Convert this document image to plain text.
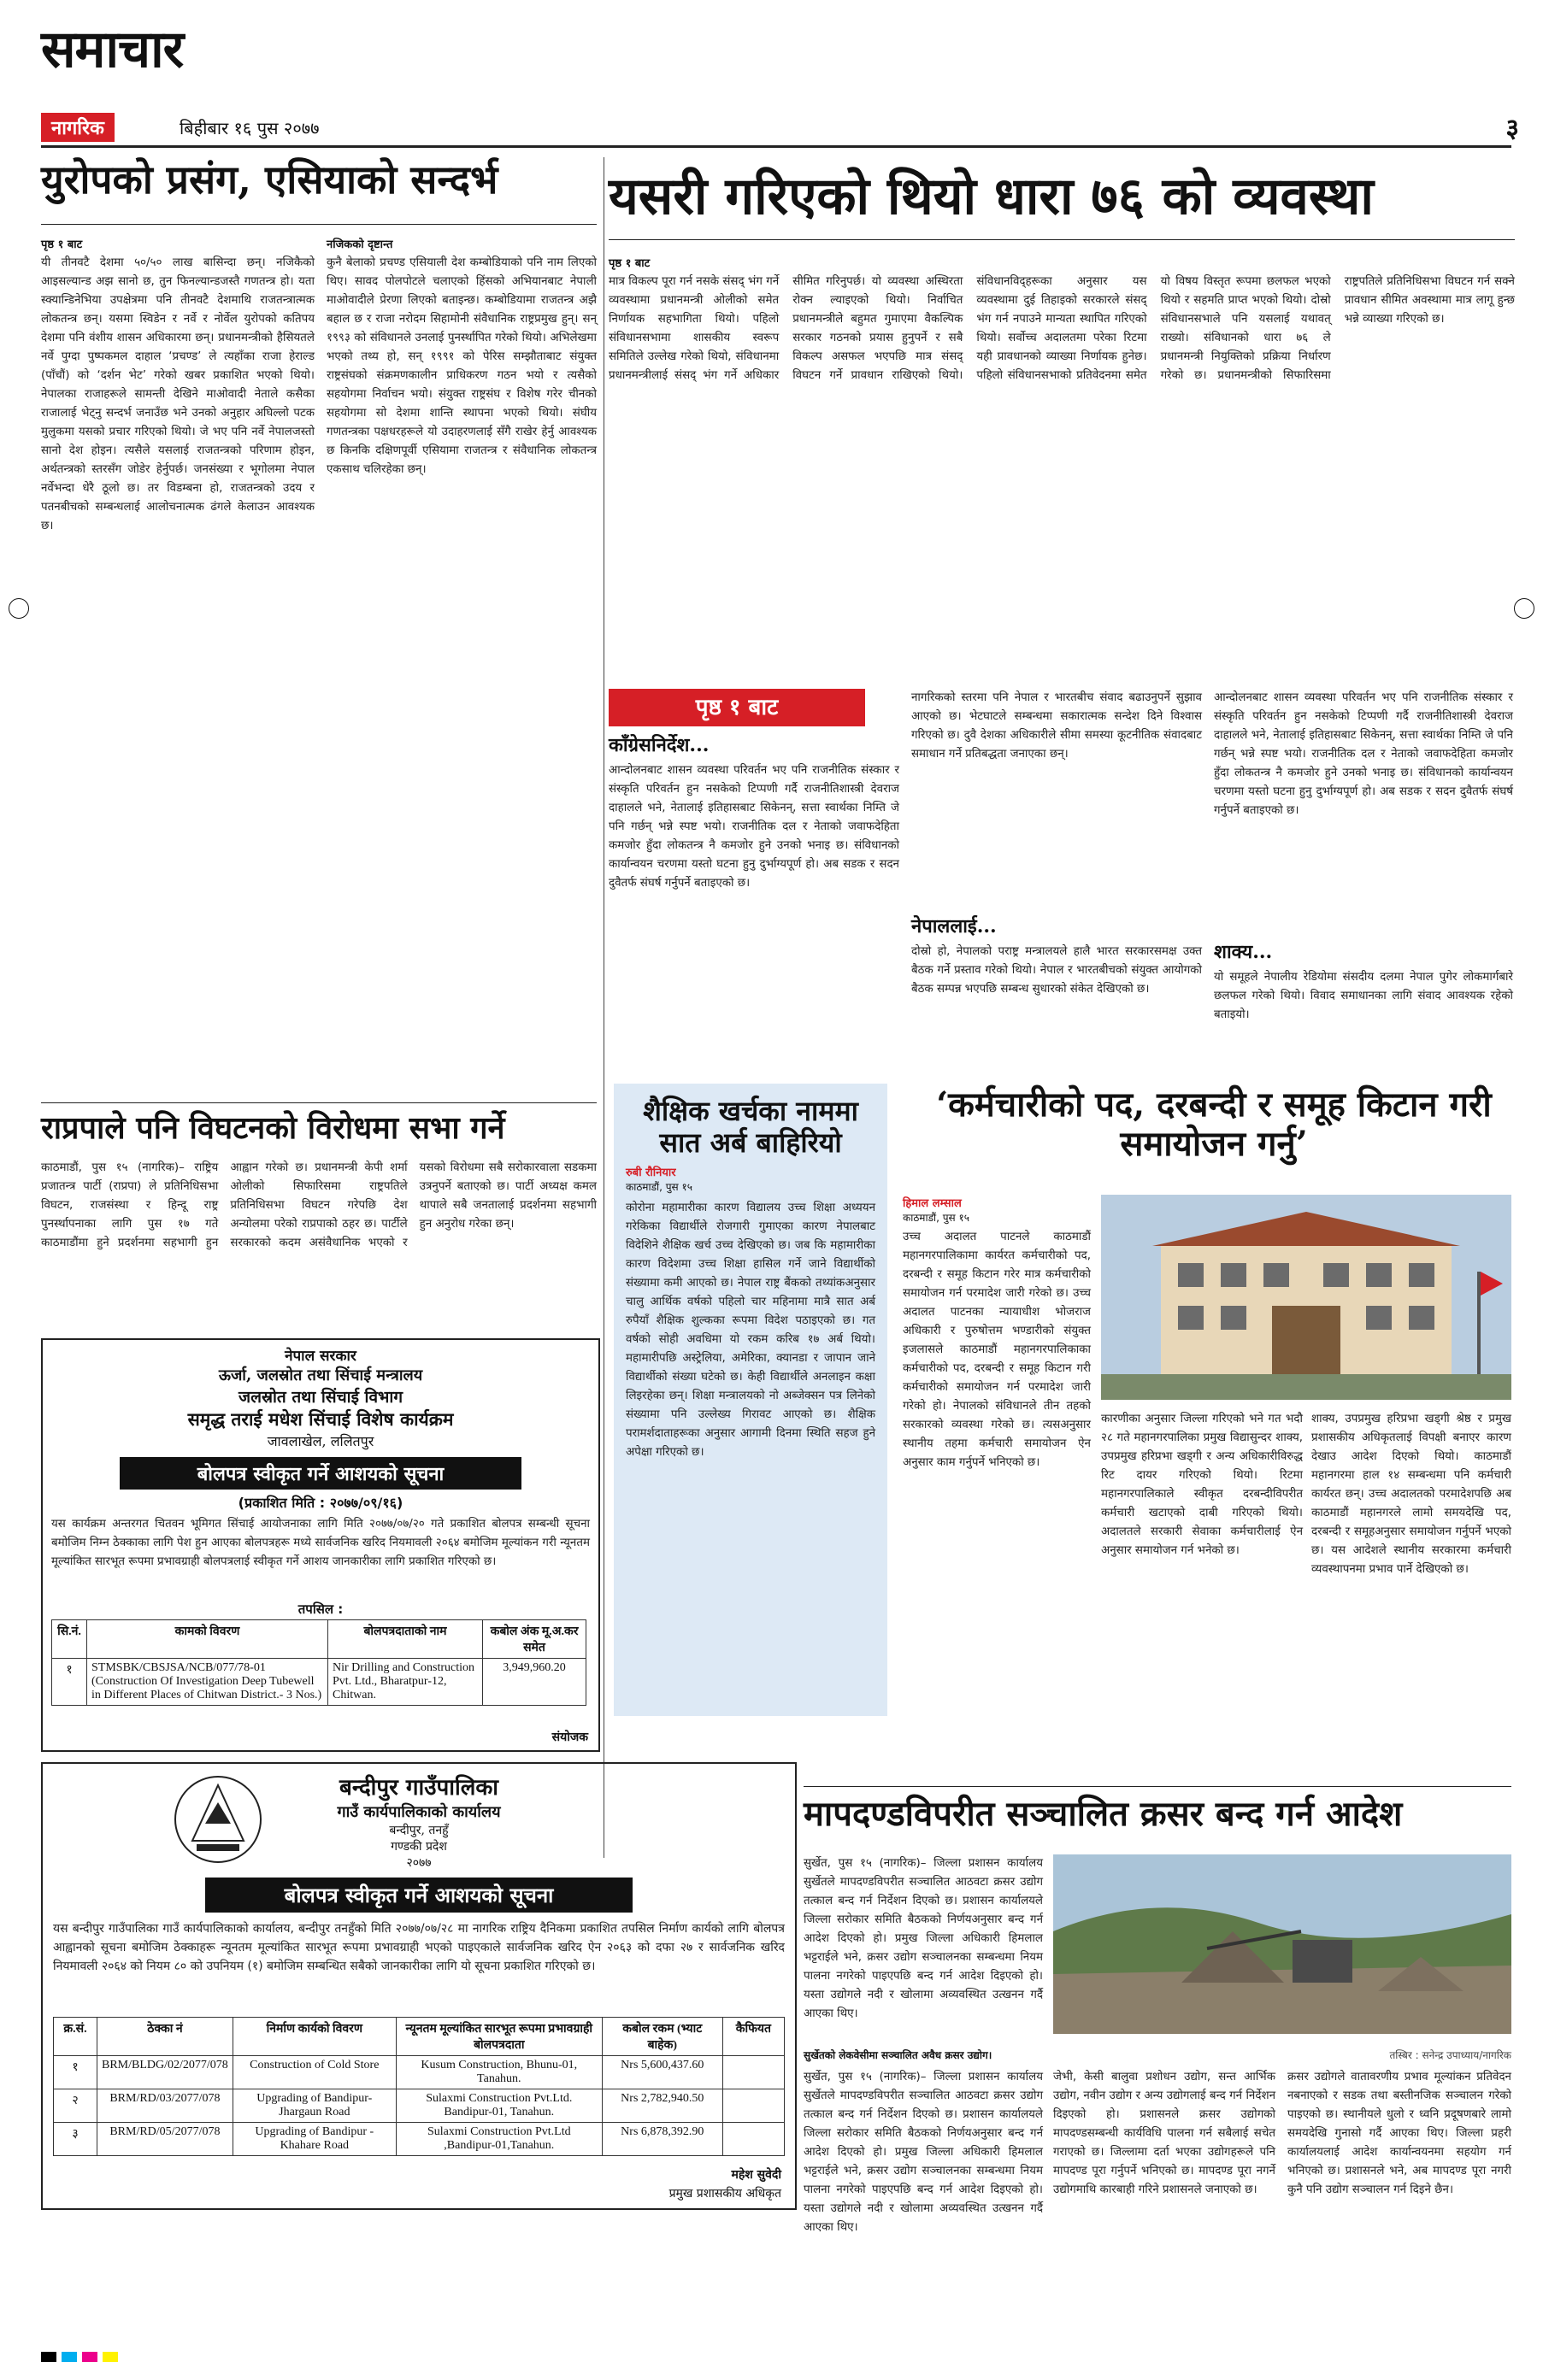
समाचार
नागरिक	बिहीबार १६ पुस २०७७	३
युरोपको प्रसंग, एसियाको सन्दर्भ
पृष्ठ १ बाट
यी तीनवटै देशमा ५०/५० लाख बासिन्दा छन्। नजिकैको आइसल्यान्ड अझ सानो छ, तुन फिनल्यान्डजस्तै गणतन्त्र हो। यता स्क्यान्डिनेभिया उपक्षेत्रमा पनि तीनवटै देशमाथि राजतन्त्रात्मक लोकतन्त्र छन्। यसमा स्विडेन र नर्वे र नोर्वेल युरोपको कतिपय देशमा पनि वंशीय शासन अधिकारमा छन्। प्रधानमन्त्रीको हैसियतले नर्वे पुग्दा पुष्पकमल दाहाल ‘प्रचण्ड’ ले त्यहाँका राजा हेराल्ड (पाँचौं) को ‘दर्शन भेट’ गरेको खबर प्रकाशित भएको थियो। नेपालका राजाहरूले सामन्ती देखिने माओवादी नेताले कसैका राजालाई भेट्नु सन्दर्भ जनाउँछ भने उनको अनुहार अघिल्लो पटक मुलुकमा यसको प्रचार गरिएको थियो। जे भए पनि नर्वे नेपालजस्तो सानो देश होइन। त्यसैले यसलाई राजतन्त्रको परिणाम होइन, अर्थतन्त्रको स्तरसँग जोडेर हेर्नुपर्छ। जनसंख्या र भूगोलमा नेपाल नर्वेभन्दा धेरै ठूलो छ। तर विडम्बना हो, राजतन्त्रको उदय र पतनबीचको सम्बन्धलाई आलोचनात्मक ढंगले केलाउन आवश्यक छ।
नजिकको दृष्टान्त
कुनै बेलाको प्रचण्ड एसियाली देश कम्बोडियाको पनि नाम लिएको थिए। सावद पोलपोटले चलाएको हिंसको अभियानबाट नेपाली माओवादीले प्रेरणा लिएको बताइन्छ। कम्बोडियामा राजतन्त्र अझै बहाल छ र राजा नरोदम सिहामोनी संवैधानिक राष्ट्रप्रमुख हुन्। सन् १९९३ को संविधानले उनलाई पुनर्स्थापित गरेको थियो। अभिलेखमा भएको तथ्य हो, सन् १९९१ को पेरिस सम्झौताबाट संयुक्त राष्ट्रसंघको संक्रमणकालीन प्राधिकरण गठन भयो र त्यसैको सहयोगमा निर्वाचन भयो। संयुक्त राष्ट्रसंघ र विशेष गरेर चीनको सहयोगमा सो देशमा शान्ति स्थापना भएको थियो। संघीय गणतन्त्रका पक्षधरहरूले यो उदाहरणलाई सँगै राखेर हेर्नु आवश्यक छ किनकि दक्षिणपूर्वी एसियामा राजतन्त्र र संवैधानिक लोकतन्त्र एकसाथ चलिरहेका छन्।
यसरी गरिएको थियो धारा ७६ को व्यवस्था
पृष्ठ १ बाट
मात्र विकल्प पूरा गर्न नसके संसद् भंग गर्ने व्यवस्थामा प्रधानमन्त्री ओलीको समेत निर्णायक सहभागिता थियो। पहिलो संविधानसभामा शासकीय स्वरूप समितिले उल्लेख गरेको थियो, संविधानमा प्रधानमन्त्रीलाई संसद् भंग गर्ने अधिकार सीमित गरिनुपर्छ। यो व्यवस्था अस्थिरता रोक्न ल्याइएको थियो। निर्वाचित प्रधानमन्त्रीले बहुमत गुमाएमा वैकल्पिक सरकार गठनको प्रयास हुनुपर्ने र सबै विकल्प असफल भएपछि मात्र संसद् विघटन गर्ने प्रावधान राखिएको थियो। संविधानविद्हरूका अनुसार यस व्यवस्थामा दुई तिहाइको सरकारले संसद् भंग गर्न नपाउने मान्यता स्थापित गरिएको थियो। सर्वोच्च अदालतमा परेका रिटमा यही प्रावधानको व्याख्या निर्णायक हुनेछ। पहिलो संविधानसभाको प्रतिवेदनमा समेत यो विषय विस्तृत रूपमा छलफल भएको थियो र सहमति प्राप्त भएको थियो। दोस्रो संविधानसभाले पनि यसलाई यथावत् राख्यो। संविधानको धारा ७६ ले प्रधानमन्त्री नियुक्तिको प्रक्रिया निर्धारण गरेको छ। प्रधानमन्त्रीको सिफारिसमा राष्ट्रपतिले प्रतिनिधिसभा विघटन गर्न सक्ने प्रावधान सीमित अवस्थामा मात्र लागू हुन्छ भन्ने व्याख्या गरिएको छ।
पृष्ठ १ बाट
काँग्रेसनिर्देश...
आन्दोलनबाट शासन व्यवस्था परिवर्तन भए पनि राजनीतिक संस्कार र संस्कृति परिवर्तन हुन नसकेको टिप्पणी गर्दै राजनीतिशास्त्री देवराज दाहालले भने, नेतालाई इतिहासबाट सिकेनन्, सत्ता स्वार्थका निम्ति जे पनि गर्छन् भन्ने स्पष्ट भयो। राजनीतिक दल र नेताको जवाफदेहिता कमजोर हुँदा लोकतन्त्र नै कमजोर हुने उनको भनाइ छ। संविधानको कार्यान्वयन चरणमा यस्तो घटना हुनु दुर्भाग्यपूर्ण हो। अब सडक र सदन दुवैतर्फ संघर्ष गर्नुपर्ने बताइएको छ।
नागरिकको स्तरमा पनि नेपाल र भारतबीच संवाद बढाउनुपर्ने सुझाव आएको छ। भेटघाटले सम्बन्धमा सकारात्मक सन्देश दिने विश्वास गरिएको छ। दुवै देशका अधिकारीले सीमा समस्या कूटनीतिक संवादबाट समाधान गर्ने प्रतिबद्धता जनाएका छन्।
नेपाललाई...
दोस्रो हो, नेपालको पराष्ट्र मन्त्रालयले हालै भारत सरकारसमक्ष उक्त बैठक गर्ने प्रस्ताव गरेको थियो। नेपाल र भारतबीचको संयुक्त आयोगको बैठक सम्पन्न भएपछि सम्बन्ध सुधारको संकेत देखिएको छ।
आन्दोलनबाट शासन व्यवस्था परिवर्तन भए पनि राजनीतिक संस्कार र संस्कृति परिवर्तन हुन नसकेको टिप्पणी गर्दै राजनीतिशास्त्री देवराज दाहालले भने, नेतालाई इतिहासबाट सिकेनन्, सत्ता स्वार्थका निम्ति जे पनि गर्छन् भन्ने स्पष्ट भयो। राजनीतिक दल र नेताको जवाफदेहिता कमजोर हुँदा लोकतन्त्र नै कमजोर हुने उनको भनाइ छ। संविधानको कार्यान्वयन चरणमा यस्तो घटना हुनु दुर्भाग्यपूर्ण हो। अब सडक र सदन दुवैतर्फ संघर्ष गर्नुपर्ने बताइएको छ।
शाक्य...
यो समूहले नेपालीय रेडियोमा संसदीय दलमा नेपाल पुगेर लोकमार्गबारे छलफल गरेको थियो। विवाद समाधानका लागि संवाद आवश्यक रहेको बताइयो।
राप्रपाले पनि विघटनको विरोधमा सभा गर्ने
काठमाडौं, पुस १५ (नागरिक)– राष्ट्रिय प्रजातन्त्र पार्टी (राप्रपा) ले प्रतिनिधिसभा विघटन, राजसंस्था र हिन्दू राष्ट्र पुनर्स्थापनाका लागि पुस १७ गते काठमाडौंमा हुने प्रदर्शनमा सहभागी हुन आह्वान गरेको छ। प्रधानमन्त्री केपी शर्मा ओलीको सिफारिसमा राष्ट्रपतिले प्रतिनिधिसभा विघटन गरेपछि देश अन्योलमा परेको राप्रपाको ठहर छ। पार्टीले सरकारको कदम असंवैधानिक भएको र यसको विरोधमा सबै सरोकारवाला सडकमा उत्रनुपर्ने बताएको छ। पार्टी अध्यक्ष कमल थापाले सबै जनतालाई प्रदर्शनमा सहभागी हुन अनुरोध गरेका छन्।
नेपाल सरकार
ऊर्जा, जलस्रोत तथा सिंचाई मन्त्रालय
जलस्रोत तथा सिंचाई विभाग
समृद्ध तराई मधेश सिंचाई विशेष कार्यक्रम
जावलाखेल, ललितपुर
बोलपत्र स्वीकृत गर्ने आशयको सूचना
(प्रकाशित मिति : २०७७/०९/१६)
यस कार्यक्रम अन्तरगत चितवन भूमिगत सिंचाई आयोजनाका लागि मिति २०७७/०७/२० गते प्रकाशित बोलपत्र सम्बन्धी सूचना बमोजिम निम्न ठेक्काका लागि पेश हुन आएका बोलपत्रहरू मध्ये सार्वजनिक खरिद नियमावली २०६४ बमोजिम मूल्यांकन गरी न्यूनतम मूल्यांकित सारभूत रूपमा प्रभावग्राही बोलपत्रलाई स्वीकृत गर्ने आशय जानकारीका लागि प्रकाशित गरिएको छ।
तपसिल :
सि.नं.	कामको विवरण	बोलपत्रदाताको नाम	कबोल अंक मू.अ.कर समेत
१	STMSBK/CBSJSA/NCB/077/78-01 (Construction Of Investigation Deep Tubewell in Different Places of Chitwan District.- 3 Nos.)	Nir Drilling and Construction Pvt. Ltd., Bharatpur-12, Chitwan.	3,949,960.20
संयोजक
शैक्षिक खर्चका नाममा सात अर्ब बाहिरियो
रुबी रौनियार
काठमाडौं, पुस १५
कोरोना महामारीका कारण विद्यालय उच्च शिक्षा अध्ययन गरेकिका विद्यार्थीले रोजगारी गुमाएका कारण नेपालबाट विदेशिने शैक्षिक खर्च उच्च देखिएको छ। जब कि महामारीका कारण विदेशमा उच्च शिक्षा हासिल गर्ने जाने विद्यार्थीको संख्यामा कमी आएको छ। नेपाल राष्ट्र बैंकको तथ्यांकअनुसार चालु आर्थिक वर्षको पहिलो चार महिनामा मात्रै सात अर्ब रुपैयाँ शैक्षिक शुल्कका रूपमा विदेश पठाइएको छ। गत वर्षको सोही अवधिमा यो रकम करिब १७ अर्ब थियो। महामारीपछि अस्ट्रेलिया, अमेरिका, क्यानडा र जापान जाने विद्यार्थीको संख्या घटेको छ। केही विद्यार्थीले अनलाइन कक्षा लिइरहेका छन्। शिक्षा मन्त्रालयको नो अब्जेक्सन पत्र लिनेको संख्यामा पनि उल्लेख्य गिरावट आएको छ। शैक्षिक परामर्शदाताहरूका अनुसार आगामी दिनमा स्थिति सहज हुने अपेक्षा गरिएको छ।
‘कर्मचारीको पद, दरबन्दी र समूह किटान गरी समायोजन गर्नु’
हिमाल लम्साल
काठमाडौं, पुस १५
उच्च अदालत पाटनले काठमाडौं महानगरपालिकामा कार्यरत कर्मचारीको पद, दरबन्दी र समूह किटान गरेर मात्र कर्मचारीको समायोजन गर्न परमादेश जारी गरेको छ। उच्च अदालत पाटनका न्यायाधीश भोजराज अधिकारी र पुरुषोत्तम भण्डारीको संयुक्त इजलासले काठमाडौं महानगरपालिकाका कर्मचारीको पद, दरबन्दी र समूह किटान गरी कर्मचारीको समायोजन गर्न परमादेश जारी गरेको हो। नेपालको संविधानले तीन तहको सरकारको व्यवस्था गरेको छ। त्यसअनुसार स्थानीय तहमा कर्मचारी समायोजन ऐन अनुसार काम गर्नुपर्ने भनिएको छ।
कारणीका अनुसार जिल्ला गरिएको भने गत भदौ २८ गते महानगरपालिका प्रमुख विद्यासुन्दर शाक्य, उपप्रमुख हरिप्रभा खड्गी र अन्य अधिकारीविरुद्ध रिट दायर गरिएको थियो। रिटमा महानगरपालिकाले स्वीकृत दरबन्दीविपरीत कर्मचारी खटाएको दाबी गरिएको थियो। अदालतले सरकारी सेवाका कर्मचारीलाई ऐन अनुसार समायोजन गर्न भनेको छ।
शाक्य, उपप्रमुख हरिप्रभा खड्गी श्रेष्ठ र प्रमुख प्रशासकीय अधिकृतलाई विपक्षी बनाएर कारण देखाउ आदेश दिएको थियो। काठमाडौं महानगरमा हाल १४ सम्बन्धमा पनि कर्मचारी कार्यरत छन्। उच्च अदालतको परमादेशपछि अब काठमाडौं महानगरले लामो समयदेखि पद, दरबन्दी र समूहअनुसार समायोजन गर्नुपर्ने भएको छ। यस आदेशले स्थानीय सरकारमा कर्मचारी व्यवस्थापनमा प्रभाव पार्ने देखिएको छ।
बन्दीपुर गाउँपालिका
गाउँ कार्यपालिकाको कार्यालय
बन्दीपुर, तनहुँ
गण्डकी प्रदेश
२०७७
बोलपत्र स्वीकृत गर्ने आशयको सूचना
यस बन्दीपुर गाउँपालिका गाउँ कार्यपालिकाको कार्यालय, बन्दीपुर तनहुँको मिति २०७७/०७/२८ मा नागरिक राष्ट्रिय दैनिकमा प्रकाशित तपसिल निर्माण कार्यको लागि बोलपत्र आह्वानको सूचना बमोजिम ठेक्काहरू न्यूनतम मूल्यांकित सारभूत रूपमा प्रभावग्राही भएको पाइएकाले सार्वजनिक खरिद ऐन २०६३ को दफा २७ र सार्वजनिक खरिद नियमावली २०६४ को नियम ८० को उपनियम (१) बमोजिम सम्बन्धित सबैको जानकारीका लागि यो सूचना प्रकाशित गरिएको छ।
क्र.सं.	ठेक्का नं	निर्माण कार्यको विवरण	न्यूनतम मूल्यांकित सारभूत रूपमा प्रभावग्राही बोलपत्रदाता	कबोल रकम (भ्याट बाहेक)	कैफियत
१	BRM/BLDG/02/2077/078	Construction of Cold Store	Kusum Construction, Bhunu-01, Tanahun.	Nrs 5,600,437.60	
२	BRM/RD/03/2077/078	Upgrading of Bandipur-Jhargaun Road	Sulaxmi Construction Pvt.Ltd. Bandipur-01, Tanahun.	Nrs 2,782,940.50	
३	BRM/RD/05/2077/078	Upgrading of Bandipur -Khahare Road	Sulaxmi Construction Pvt.Ltd ,Bandipur-01,Tanahun.	Nrs 6,878,392.90	
महेश सुवेदी
प्रमुख प्रशासकीय अधिकृत
मापदण्डविपरीत सञ्चालित क्रसर बन्द गर्न आदेश
सुर्खेत, पुस १५ (नागरिक)– जिल्ला प्रशासन कार्यालय सुर्खेतले मापदण्डविपरीत सञ्चालित आठवटा क्रसर उद्योग तत्काल बन्द गर्न निर्देशन दिएको छ। प्रशासन कार्यालयले जिल्ला सरोकार समिति बैठकको निर्णयअनुसार बन्द गर्न आदेश दिएको हो। प्रमुख जिल्ला अधिकारी हिमलाल भट्टराईले भने, क्रसर उद्योग सञ्चालनका सम्बन्धमा नियम पालना नगरेको पाइएपछि बन्द गर्न आदेश दिइएको हो। यस्ता उद्योगले नदी र खोलामा अव्यवस्थित उत्खनन गर्दै आएका थिए।
सुर्खेतको लेकवेसीमा सञ्चालित अवैध क्रसर उद्योग।	तस्बिर : सनेन्द्र उपाध्याय/नागरिक
सुर्खेत, पुस १५ (नागरिक)– जिल्ला प्रशासन कार्यालय सुर्खेतले मापदण्डविपरीत सञ्चालित आठवटा क्रसर उद्योग तत्काल बन्द गर्न निर्देशन दिएको छ। प्रशासन कार्यालयले जिल्ला सरोकार समिति बैठकको निर्णयअनुसार बन्द गर्न आदेश दिएको हो। प्रमुख जिल्ला अधिकारी हिमलाल भट्टराईले भने, क्रसर उद्योग सञ्चालनका सम्बन्धमा नियम पालना नगरेको पाइएपछि बन्द गर्न आदेश दिइएको हो। यस्ता उद्योगले नदी र खोलामा अव्यवस्थित उत्खनन गर्दै आएका थिए।
जेभी, केसी बालुवा प्रशोधन उद्योग, सन्त आर्भिक उद्योग, नवीन उद्योग र अन्य उद्योगलाई बन्द गर्न निर्देशन दिइएको हो। प्रशासनले क्रसर उद्योगको मापदण्डसम्बन्धी कार्यविधि पालना गर्न सबैलाई सचेत गराएको छ। जिल्लामा दर्ता भएका उद्योगहरूले पनि मापदण्ड पूरा गर्नुपर्ने भनिएको छ। मापदण्ड पूरा नगर्ने उद्योगमाथि कारबाही गरिने प्रशासनले जनाएको छ।
क्रसर उद्योगले वातावरणीय प्रभाव मूल्यांकन प्रतिवेदन नबनाएको र सडक तथा बस्तीनजिक सञ्चालन गरेको पाइएको छ। स्थानीयले धुलो र ध्वनि प्रदूषणबारे लामो समयदेखि गुनासो गर्दै आएका थिए। जिल्ला प्रहरी कार्यालयलाई आदेश कार्यान्वयनमा सहयोग गर्न भनिएको छ। प्रशासनले भने, अब मापदण्ड पूरा नगरी कुनै पनि उद्योग सञ्चालन गर्न दिइने छैन।
